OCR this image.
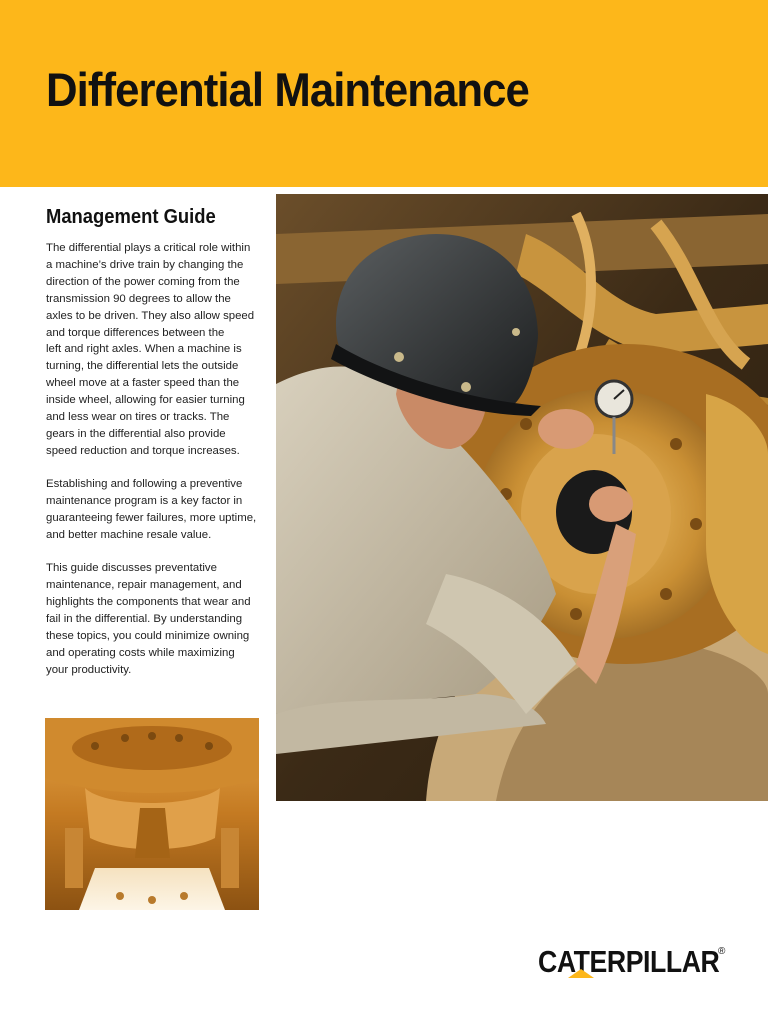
Differential Maintenance
Management Guide

The differential plays a critical role within
a machine’s drive train by changing the
direction of the power coming from the
transmission 90 degrees to allow the
axles to be driven. They also allow speed
and torque differences between the
left and right axles. When a machine is
turning, the differential lets the outside
wheel move at a faster speed than the
inside wheel, allowing for easier turning
and less wear on tires or tracks. The
gears in the differential also provide
speed reduction and torque increases.

Establishing and following a preventive
maintenance program is a key factor in
guaranteeing fewer failures, more uptime,
and better machine resale value.

This guide discusses preventative
maintenance, repair management, and
highlights the components that wear and
fail in the differential. By understanding
these topics, you could minimize owning
and operating costs while maximizing
your productivity.

CATERPILLAR
®
